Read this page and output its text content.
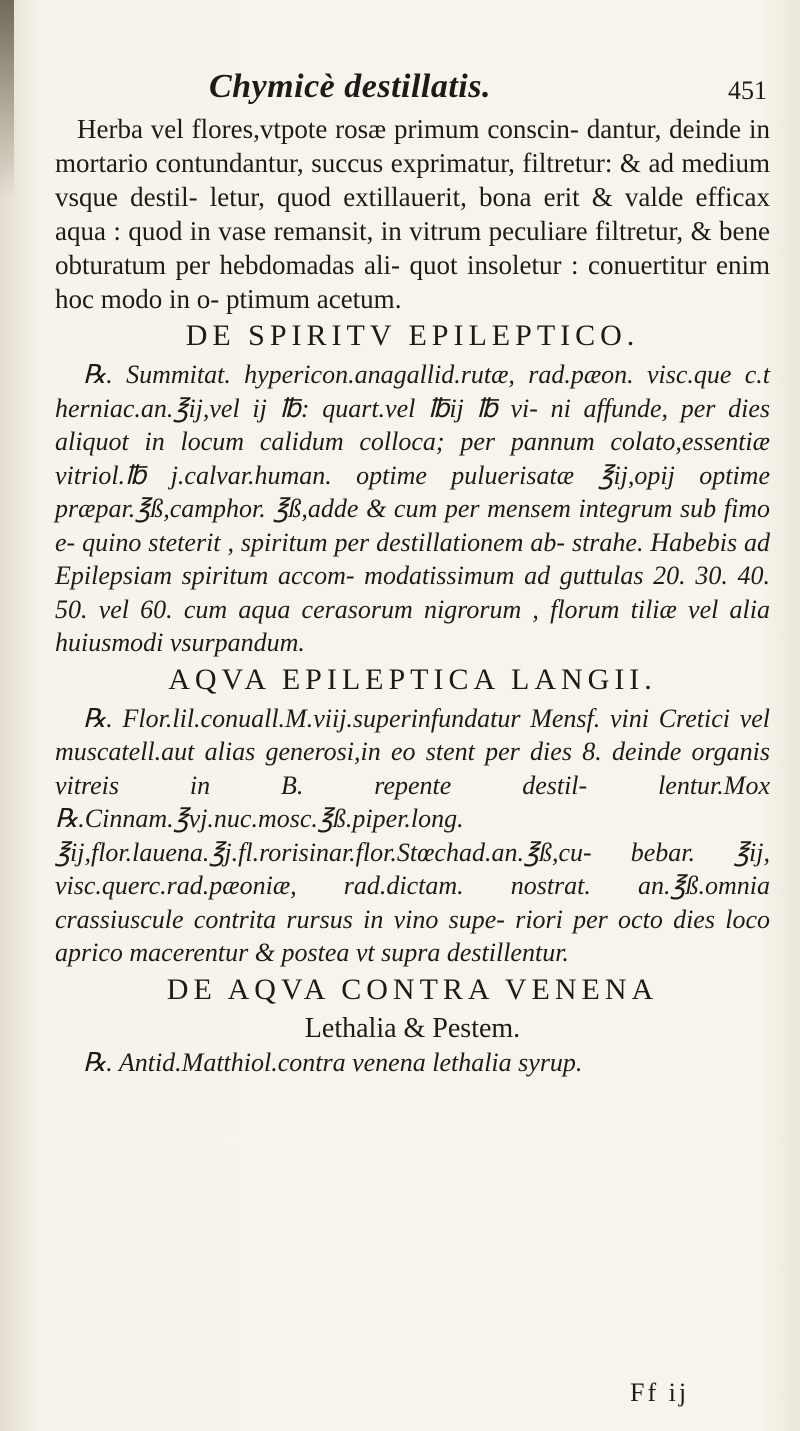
Chymicè destillatis.	451

Herba vel flores,vtpote rosæ primum conscin- dantur, deinde in mortario contundantur, succus exprimatur, filtretur: & ad medium vsque destil- letur, quod extillauerit, bona erit & valde efficax aqua : quod in vase remansit, in vitrum peculiare filtretur, & bene obturatum per hebdomadas ali- quot insoletur : conuertitur enim hoc modo in o- ptimum acetum.

DE SPIRITV EPILEPTICO.

℞. Summitat. hypericon.anagallid.rutæ, rad.pæon. visc.que c.t herniac.an.℥ij,vel ij ℔: quart.vel ℔ij ℔ vi- ni affunde, per dies aliquot in locum calidum colloca; per pannum colato,essentiæ vitriol.℔ j.calvar.human. optime puluerisatæ ℥ij,opij optime præpar.℥ß,camphor. ℥ß,adde & cum per mensem integrum sub fimo e- quino steterit , spiritum per destillationem ab- strahe. Habebis ad Epilepsiam spiritum accom- modatissimum ad guttulas 20. 30. 40. 50. vel 60. cum aqua cerasorum nigrorum , florum tiliæ vel alia huiusmodi vsurpandum.

AQVA EPILEPTICA LANGII.

℞. Flor.lil.conuall.M.viij.superinfundatur Mensf. vini Cretici vel muscatell.aut alias generosi,in eo stent per dies 8. deinde organis vitreis in B. repente destil- lentur.Mox ℞.Cinnam.℥vj.nuc.mosc.℥ß.piper.long. ℥ij,flor.lauena.℥j.fl.rorisinar.flor.Stœchad.an.℥ß,cu- bebar. ℥ij, visc.querc.rad.pæoniæ, rad.dictam. nostrat. an.℥ß.omnia crassiuscule contrita rursus in vino supe- riori per octo dies loco aprico macerentur & postea vt supra destillentur.

DE AQVA CONTRA VENENA

Lethalia & Pestem.

℞. Antid.Matthiol.contra venena lethalia syrup.

Ff ij
